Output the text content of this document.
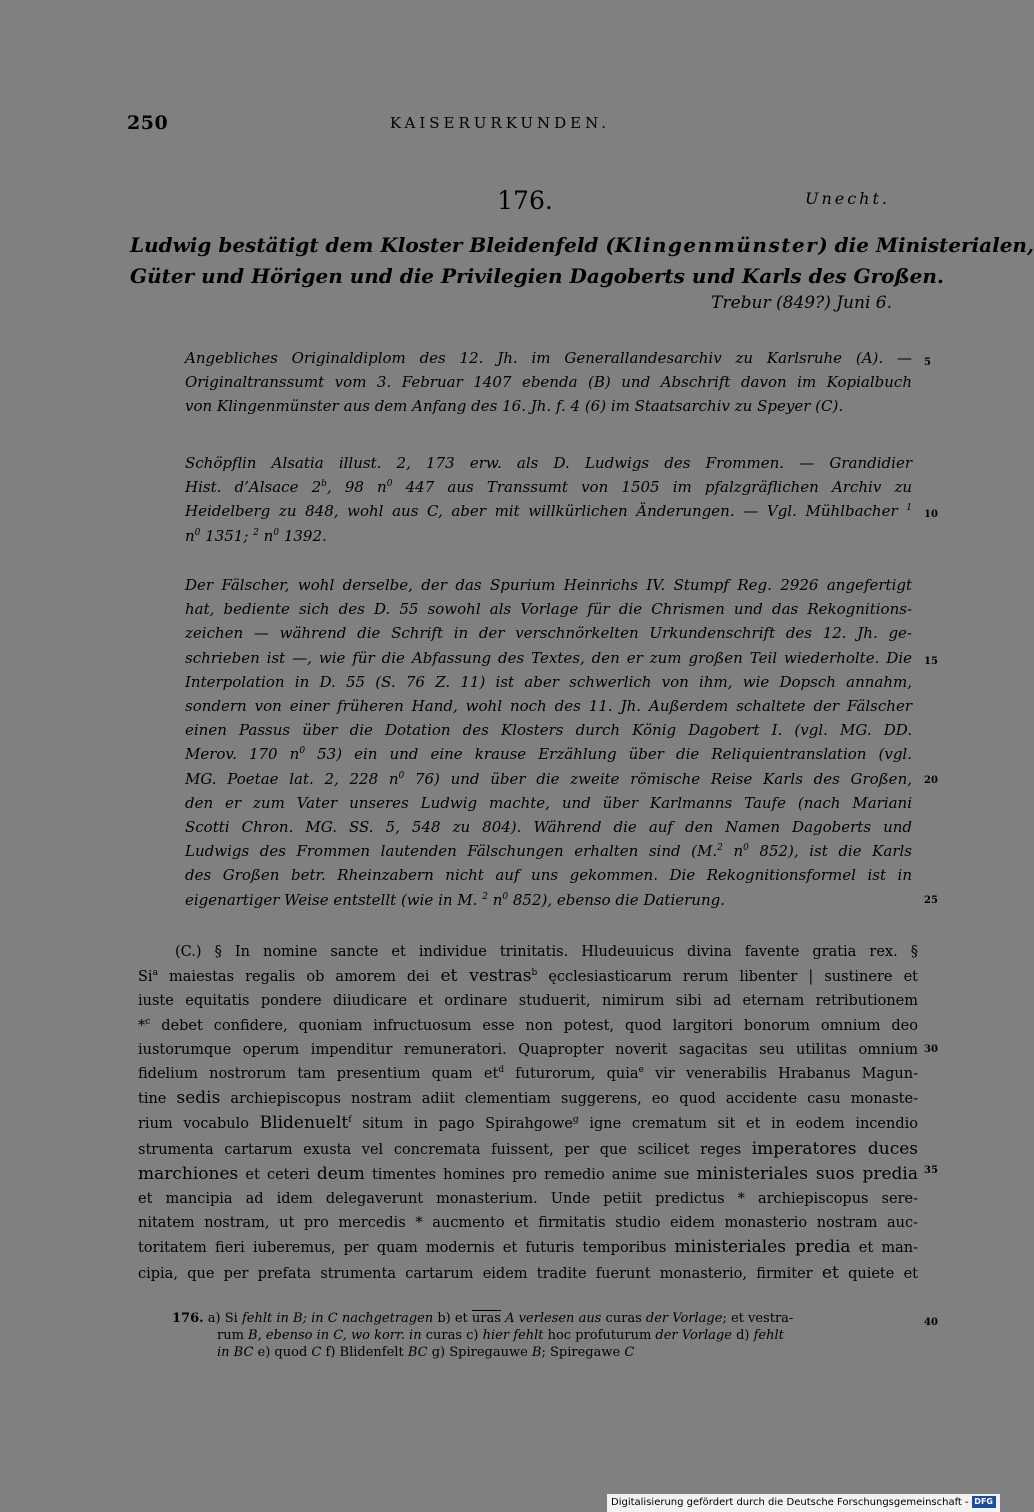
250	KAISERURKUNDEN.
176.	Unecht.
Ludwig bestätigt dem Kloster Bleidenfeld (Klingenmünster) die Ministerialen,
Güter und Hörigen und die Privilegien Dagoberts und Karls des Großen.
Trebur (849?) Juni 6.
Angebliches Originaldiplom des 12. Jh. im Generallandesarchiv zu Karlsruhe (A). —
Originaltranssumt vom 3. Februar 1407 ebenda (B) und Abschrift davon im Kopialbuch
von Klingenmünster aus dem Anfang des 16. Jh. f. 4 (6) im Staatsarchiv zu Speyer (C).
Schöpflin Alsatia illust. 2, 173 erw. als D. Ludwigs des Frommen. — Grandidier
Hist. d’Alsace 2$^b$, 98 $n^0$ 447 aus Transsumt von 1505 im pfalzgräflichen Archiv zu
Heidelberg zu 848, wohl aus C, aber mit willkürlichen Änderungen. — Vgl. Mühlbacher $^1$
$n^0$ 1351; $^2$ $n^0$ 1392.
Der Fälscher, wohl derselbe, der das Spurium Heinrichs IV. Stumpf Reg. 2926 angefertigt
hat, bediente sich des D. 55 sowohl als Vorlage für die Chrismen und das Rekognitions-
zeichen — während die Schrift in der verschnörkelten Urkundenschrift des 12. Jh. ge-
schrieben ist —, wie für die Abfassung des Textes, den er zum großen Teil wiederholte. Die
Interpolation in D. 55 (S. 76 Z. 11) ist aber schwerlich von ihm, wie Dopsch annahm,
sondern von einer früheren Hand, wohl noch des 11. Jh. Außerdem schaltete der Fälscher
einen Passus über die Dotation des Klosters durch König Dagobert I. (vgl. MG. DD.
Merov. 170 $n^0$ 53) ein und eine krause Erzählung über die Reliquientranslation (vgl.
MG. Poetae lat. 2, 228 $n^0$ 76) und über die zweite römische Reise Karls des Großen,
den er zum Vater unseres Ludwig machte, und über Karlmanns Taufe (nach Mariani
Scotti Chron. MG. SS. 5, 548 zu 804). Während die auf den Namen Dagoberts und
Ludwigs des Frommen lautenden Fälschungen erhalten sind (M.$^2$ $n^0$ 852), ist die Karls
des Großen betr. Rheinzabern nicht auf uns gekommen. Die Rekognitionsformel ist in
eigenartiger Weise entstellt (wie in M. $^2$ $n^0$ 852), ebenso die Datierung.
(C.) § In nomine sancte et individue trinitatis. Hludeuuicus divina favente gratia rex. §
Si$^a$ maiestas regalis ob amorem dei et vestras$^b$ ęcclesiasticarum rerum libenter | sustinere et
iuste equitatis pondere diiudicare et ordinare studuerit, nimirum sibi ad eternam retributionem
*$^c$ debet confidere, quoniam infructuosum esse non potest, quod largitori bonorum omnium deo
iustorumque operum impenditur remuneratori. Quapropter noverit sagacitas seu utilitas omnium
fidelium nostrorum tam presentium quam $et^d$ futurorum, quia$^e$ vir venerabilis Hrabanus Magun-
tine sedis archiepiscopus nostram adiit clementiam suggerens, eo quod accidente casu monaste-
rium vocabulo Blidenuelt$^f$ situm in pago Spirahgowe$^g$ igne crematum sit et in eodem incendio
strumenta cartarum exusta vel concremata fuissent, per que scilicet reges imperatores duces
marchiones et ceteri deum timentes homines pro remedio anime sue ministeriales suos predia
et mancipia ad idem delegaverunt monasterium. Unde petiit predictus * archiepiscopus sere-
nitatem nostram, ut pro mercedis * aucmento et firmitatis studio eidem monasterio nostram auc-
toritatem fieri iuberemus, per quam modernis et futuris temporibus ministeriales predia et man-
cipia, que per prefata strumenta cartarum eidem tradite fuerunt monasterio, firmiter et quiete et
176. a) Si fehlt in B; in C nachgetragen b) et uras A verlesen aus curas der Vorlage; et vestra-
rum B, ebenso in C, wo korr. in curas c) hier fehlt hoc profuturum der Vorlage d) fehlt
in BC e) quod C f) Blidenfelt BC g) Spiregauwe B; Spiregawe C
5
10
15
20
25
30
35
40
Digitalisierung gefördert durch die Deutsche Forschungsgemeinschaft - DFG
